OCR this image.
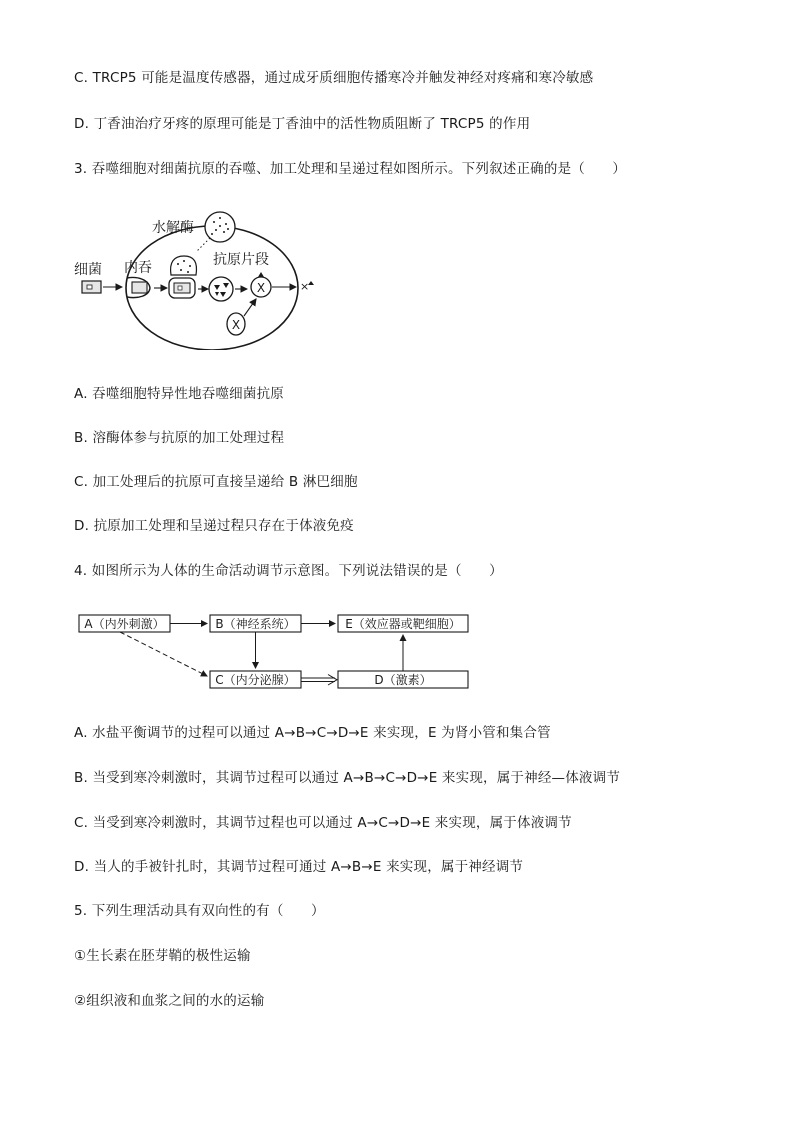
C. TRCP5 可能是温度传感器，通过成牙质细胞传播寒冷并触发神经对疼痛和寒冷敏感
D. 丁香油治疗牙疼的原理可能是丁香油中的活性物质阻断了 TRCP5 的作用
3. 吞噬细胞对细菌抗原的吞噬、加工处理和呈递过程如图所示。下列叙述正确的是（　　）
X
X
×
水解酶
细菌 内吞	抗原片段
A. 吞噬细胞特异性地吞噬细菌抗原
B. 溶酶体参与抗原的加工处理过程
C. 加工处理后的抗原可直接呈递给 B 淋巴细胞
D. 抗原加工处理和呈递过程只存在于体液免疫
4. 如图所示为人体的生命活动调节示意图。下列说法错误的是（　　）
A（内外刺激）	B（神经系统）	E（效应器或靶细胞）
C（内分泌腺）	D（激素）
A. 水盐平衡调节的过程可以通过 A→B→C→D→E 来实现，E 为肾小管和集合管
B. 当受到寒冷刺激时，其调节过程可以通过 A→B→C→D→E 来实现，属于神经—体液调节
C. 当受到寒冷刺激时，其调节过程也可以通过 A→C→D→E 来实现，属于体液调节
D. 当人的手被针扎时，其调节过程可通过 A→B→E 来实现，属于神经调节
5. 下列生理活动具有双向性的有（　　）
①生长素在胚芽鞘的极性运输
②组织液和血浆之间的水的运输
